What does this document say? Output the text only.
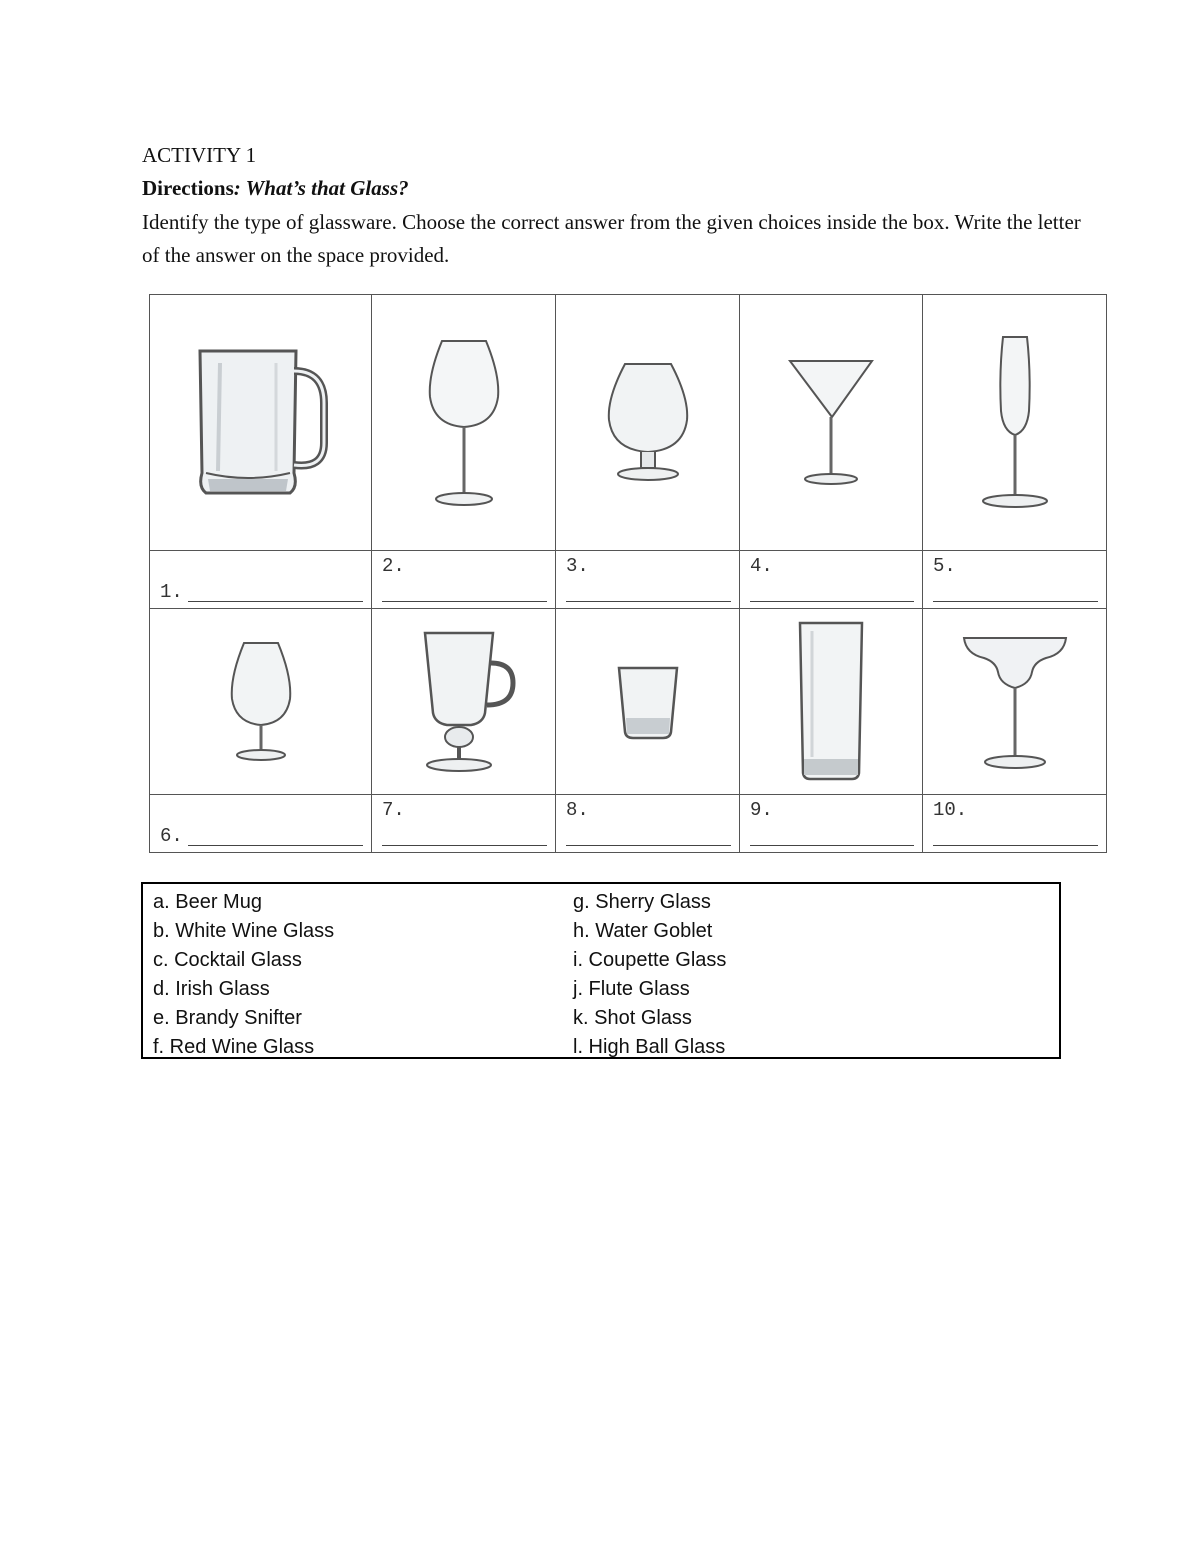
ACTIVITY 1
Directions: What’s that Glass?
Identify the type of glassware. Choose the correct answer from the given choices inside the box. Write the letter of the answer on the space provided.

1.	2.	3.	4.	5.

6.	7.	8.	9.	10.
a. Beer Mug
b. White Wine Glass
c. Cocktail Glass
d. Irish Glass
e. Brandy Snifter
f. Red Wine Glass
g. Sherry Glass
h. Water Goblet
i. Coupette Glass
j. Flute Glass
k. Shot Glass
l. High Ball Glass
